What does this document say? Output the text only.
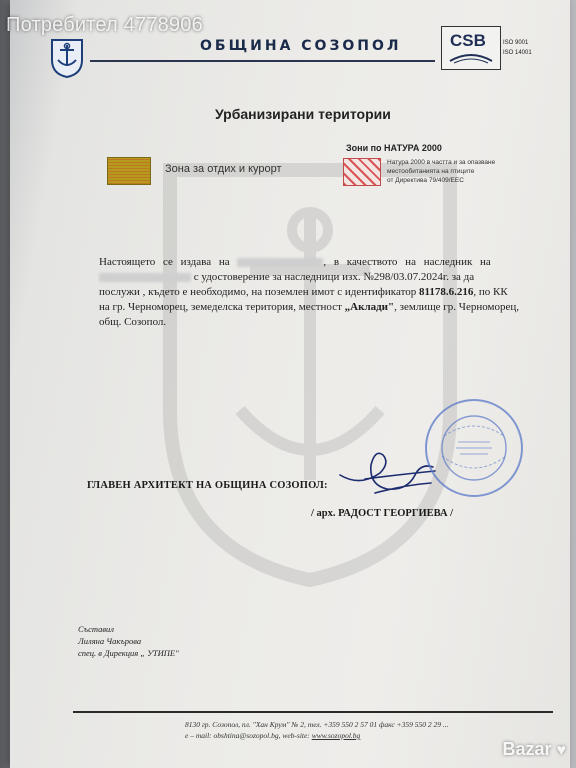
ОБЩИНА СОЗОПОЛ	CSB	ISO 9001
ISO 14001
Урбанизирани територии
Зона за отдих и курорт
Зони по НАТУРА 2000
Натура 2000 в частта и за опазване
местообитанията на птиците
от Директива 79/409/ЕЕС
Настоящето се издава на	, в качеството на наследник на
с удостоверение за наследници изх. №298/03.07.2024г. за да
послужи , където е необходимо, на поземлен имот с идентификатор 81178.6.216, по КК
на гр. Черноморец, земеделска територия, местност „Аклади", землище гр. Черноморец,
общ. Созопол.
ГЛАВЕН АРХИТЕКТ НА ОБЩИНА СОЗОПОЛ:
/ арх. РАДОСТ ГЕОРГИЕВА /
Съставил
Лиляна Чакърова
спец. в Дирекция „ УТИПЕ"
8130 гр. Созопол, пл. "Хан Крум" № 2, тел. +359 550 2 57 01 факс +359 550 2 29 ...
е – mail: obshtina@sozopol.bg, web-site: www.sozopol.bg
Потребител 4778906
Bazar ♥
